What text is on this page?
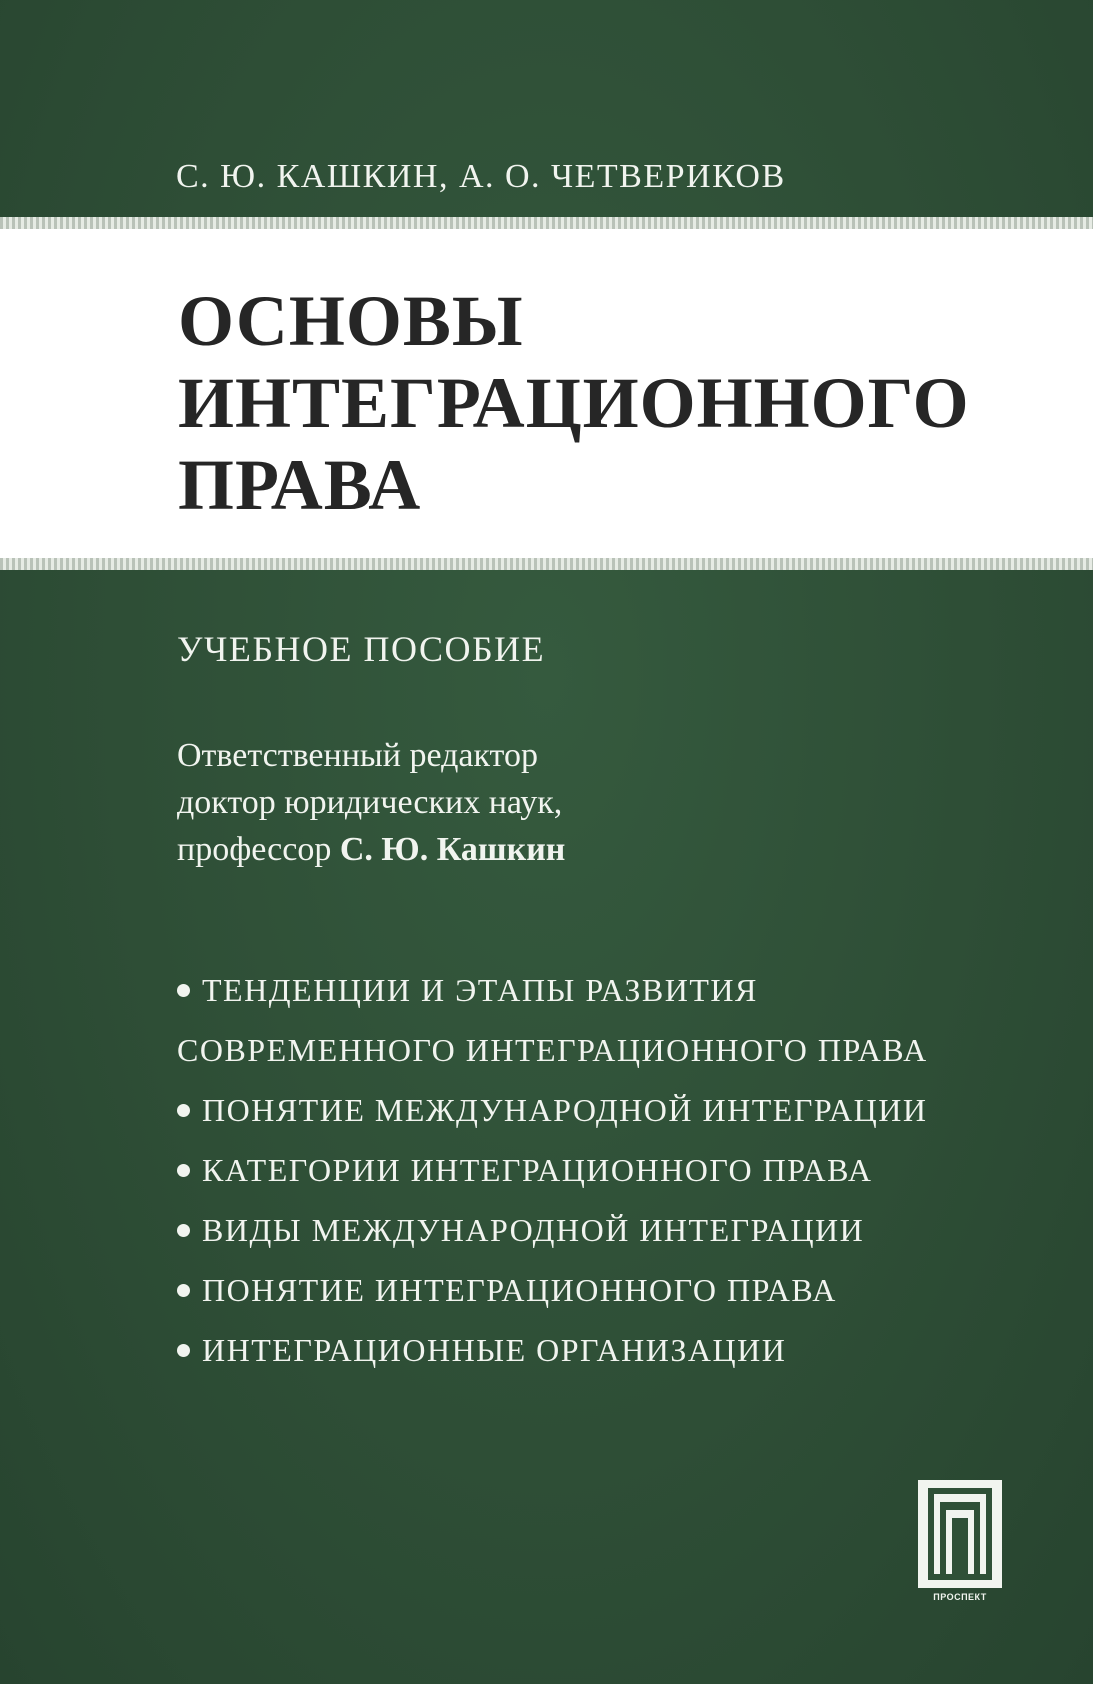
С. Ю. КАШКИН, А. О. ЧЕТВЕРИКОВ
ОСНОВЫ
ИНТЕГРАЦИОННОГО
ПРАВА
УЧЕБНОЕ ПОСОБИЕ
Ответственный редактор
доктор юридических наук,
профессор С. Ю. Кашкин
ТЕНДЕНЦИИ И ЭТАПЫ РАЗВИТИЯ
СОВРЕМЕННОГО ИНТЕГРАЦИОННОГО ПРАВА
ПОНЯТИЕ МЕЖДУНАРОДНОЙ ИНТЕГРАЦИИ
КАТЕГОРИИ ИНТЕГРАЦИОННОГО ПРАВА
ВИДЫ МЕЖДУНАРОДНОЙ ИНТЕГРАЦИИ
ПОНЯТИЕ ИНТЕГРАЦИОННОГО ПРАВА
ИНТЕГРАЦИОННЫЕ ОРГАНИЗАЦИИ
ПРОСПЕКТ
